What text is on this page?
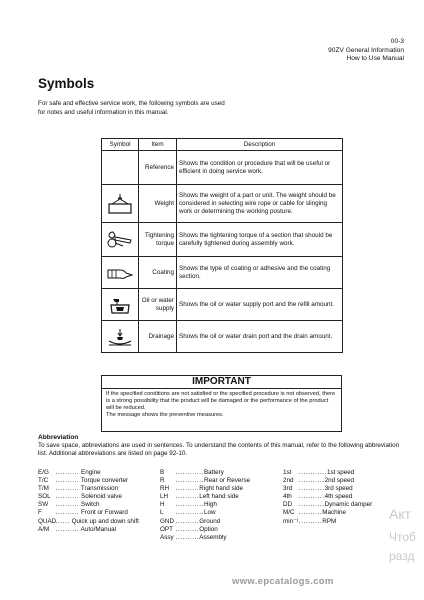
00-3
90ZV General Information
How to Use Manual
Symbols
For safe and effective service work, the following symbols are used for notes and useful information in this manual.
Symbol	Item	Description
	Reference	Shows the condition or procedure that will be useful or efficient in doing service work.

	Weight	Shows the weight of a part or unit. The weight should be considered in selecting wire rope or cable for slinging work or determining the working posture.

	Tightening torque	Shows the tightening torque of a section that should be carefully tightened during assembly work.

	Coating	Shows the type of coating or adhesive and the coating section.

	Oil or water supply	Shows the oil or water supply port and the refill amount.

	Drainage	Shows the oil or water drain port and the drain amount.
IMPORTANT
If the specified conditions are not satisfied or the specified procedure is not observed, there is a strong possibility that the product will be damaged or the performance of the product will be reduced.
The message shows the preventive measures.
Abbreviation
To save space, abbreviations are used in sentences. To understand the contents of this manual, refer to the following abbreviation list. Additional abbreviations are listed on page 92-10.
E/G .......... Engine
T/C .......... Torque converter
T/M .......... Transmission
SOL .......... Solenoid valve
SW .......... Switch
F .......... Front or Forward
QUAD ...... Quick up and down shift
A/M .......... Auto/Manual
B ............Battery
R ............Rear or Reverse
RH ..........Right hand side
LH ..........Left hand side
H ............High
L ............Low
GND ..........Ground
OPT ..........Option
Assy ..........Assembly
1st ............1st speed
2nd ...........2nd speed
3rd ...........3rd speed
4th ...........4th speed
DD ...........Dynamic damper
M/C ..........Machine
min⁻¹ ..........RPM	Акт
Чтоб
разд
www.epcatalogs.com
